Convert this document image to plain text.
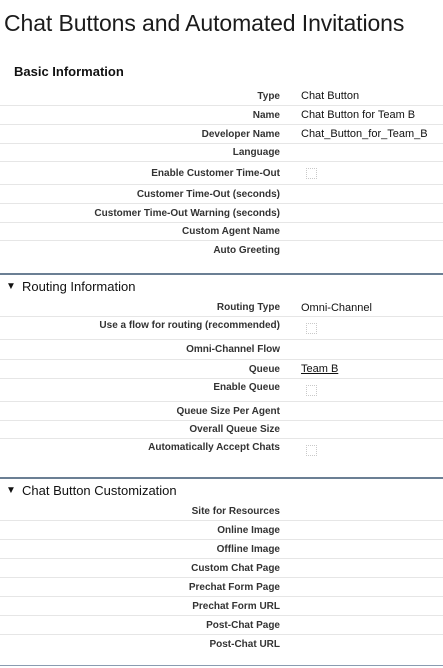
Chat Buttons and Automated Invitations
Basic Information
Type	Chat Button
Name	Chat Button for Team B
Developer Name	Chat_Button_for_Team_B
Language
Enable Customer Time-Out
Customer Time-Out (seconds)
Customer Time-Out Warning (seconds)
Custom Agent Name
Auto Greeting
▼ Routing Information
Routing Type	Omni-Channel
Use a flow for routing (recommended)
Omni-Channel Flow
Queue	Team B
Enable Queue
Queue Size Per Agent
Overall Queue Size
Automatically Accept Chats
▼ Chat Button Customization
Site for Resources
Online Image
Offline Image
Custom Chat Page
Prechat Form Page
Prechat Form URL
Post-Chat Page
Post-Chat URL
